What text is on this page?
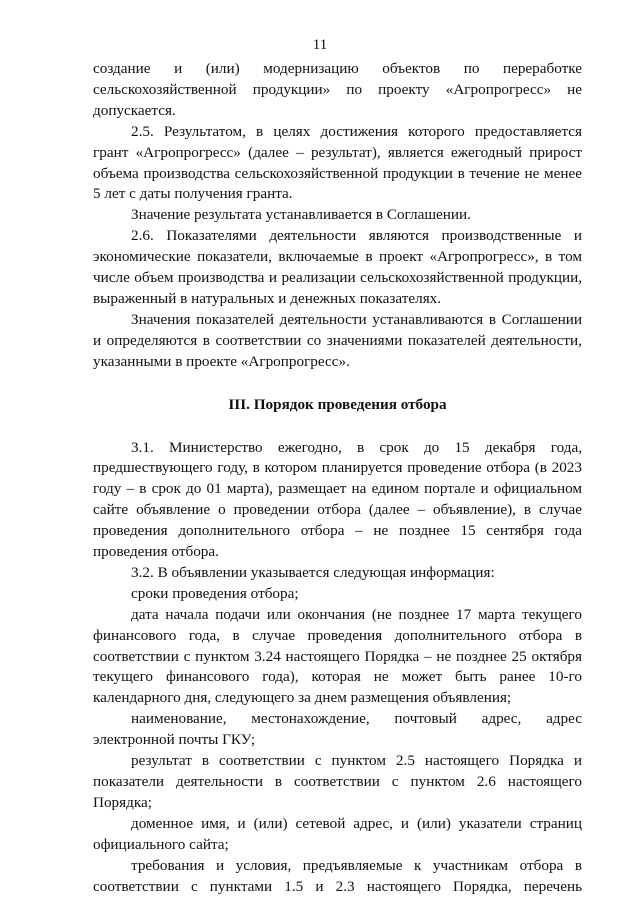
11

создание и (или) модернизацию объектов по переработке сельскохозяйственной продукции» по проекту «Агропрогресс» не допускается.

2.5. Результатом, в целях достижения которого предоставляется грант «Агропрогресс» (далее – результат), является ежегодный прирост объема производства сельскохозяйственной продукции в течение не менее 5 лет с даты получения гранта.

Значение результата устанавливается в Соглашении.

2.6. Показателями деятельности являются производственные и экономические показатели, включаемые в проект «Агропрогресс», в том числе объем производства и реализации сельскохозяйственной продукции, выраженный в натуральных и денежных показателях.

Значения показателей деятельности устанавливаются в Соглашении и определяются в соответствии со значениями показателей деятельности, указанными в проекте «Агропрогресс».

III. Порядок проведения отбора

3.1. Министерство ежегодно, в срок до 15 декабря года, предшествующего году, в котором планируется проведение отбора (в 2023 году – в срок до 01 марта), размещает на едином портале и официальном сайте объявление о проведении отбора (далее – объявление), в случае проведения дополнительного отбора – не позднее 15 сентября года проведения отбора.

3.2. В объявлении указывается следующая информация:

сроки проведения отбора;

дата начала подачи или окончания (не позднее 17 марта текущего финансового года, в случае проведения дополнительного отбора в соответствии с пунктом 3.24 настоящего Порядка – не позднее 25 октября текущего финансового года), которая не может быть ранее 10-го календарного дня, следующего за днем размещения объявления;

наименование, местонахождение, почтовый адрес, адрес электронной почты ГКУ;

результат в соответствии с пунктом 2.5 настоящего Порядка и показатели деятельности в соответствии с пунктом 2.6 настоящего Порядка;

доменное имя, и (или) сетевой адрес, и (или) указатели страниц официального сайта;

требования и условия, предъявляемые к участникам отбора в соответствии с пунктами 1.5 и 2.3 настоящего Порядка, перечень
